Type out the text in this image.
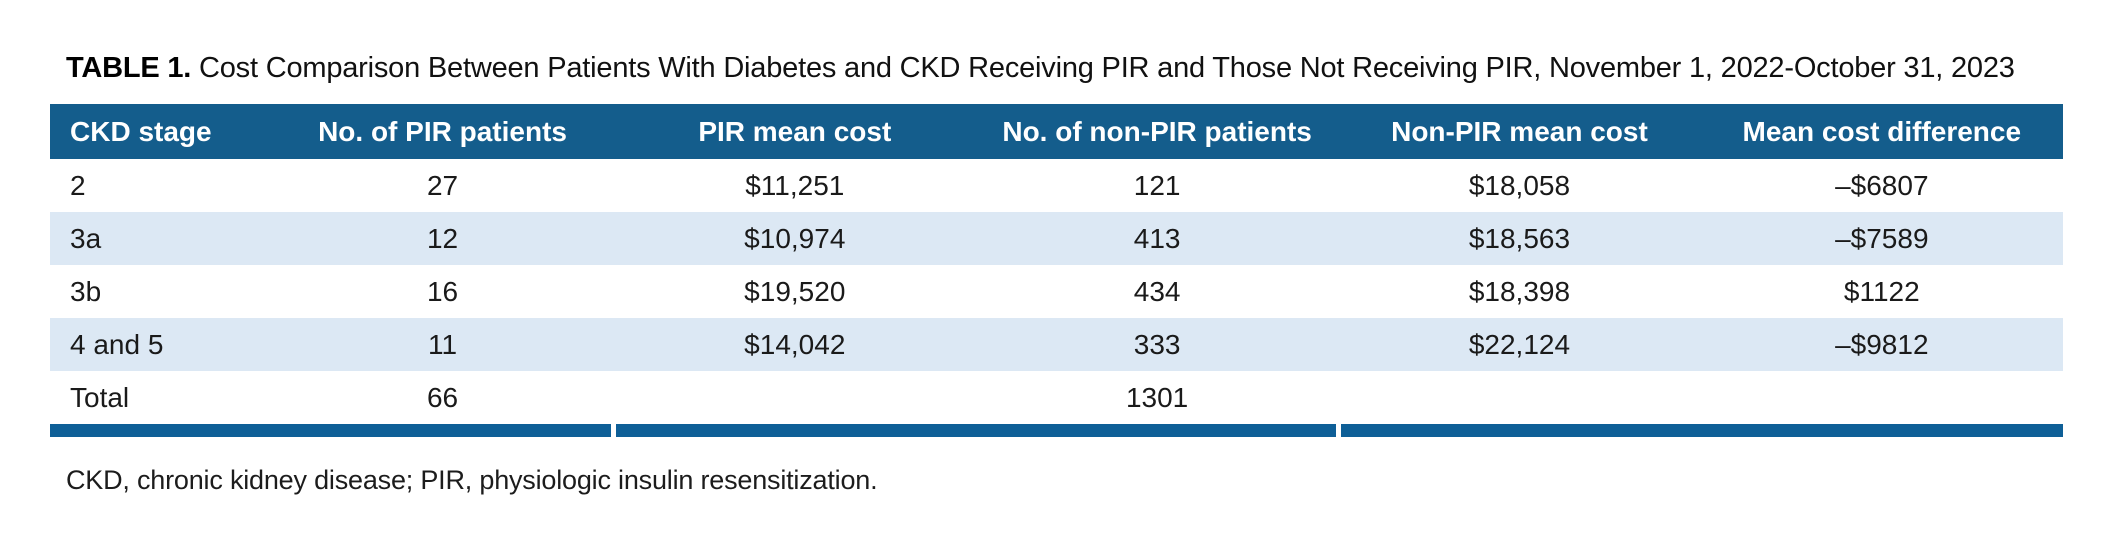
TABLE 1. Cost Comparison Between Patients With Diabetes and CKD Receiving PIR and Those Not Receiving PIR, November 1, 2022-October 31, 2023
CKD stage	No. of PIR patients	PIR mean cost	No. of non-PIR patients	Non-PIR mean cost	Mean cost difference
2	27	$11,251	121	$18,058	–$6807
3a	12	$10,974	413	$18,563	–$7589
3b	16	$19,520	434	$18,398	$1122
4 and 5	11	$14,042	333	$22,124	–$9812
Total	66		1301		

CKD, chronic kidney disease; PIR, physiologic insulin resensitization.
